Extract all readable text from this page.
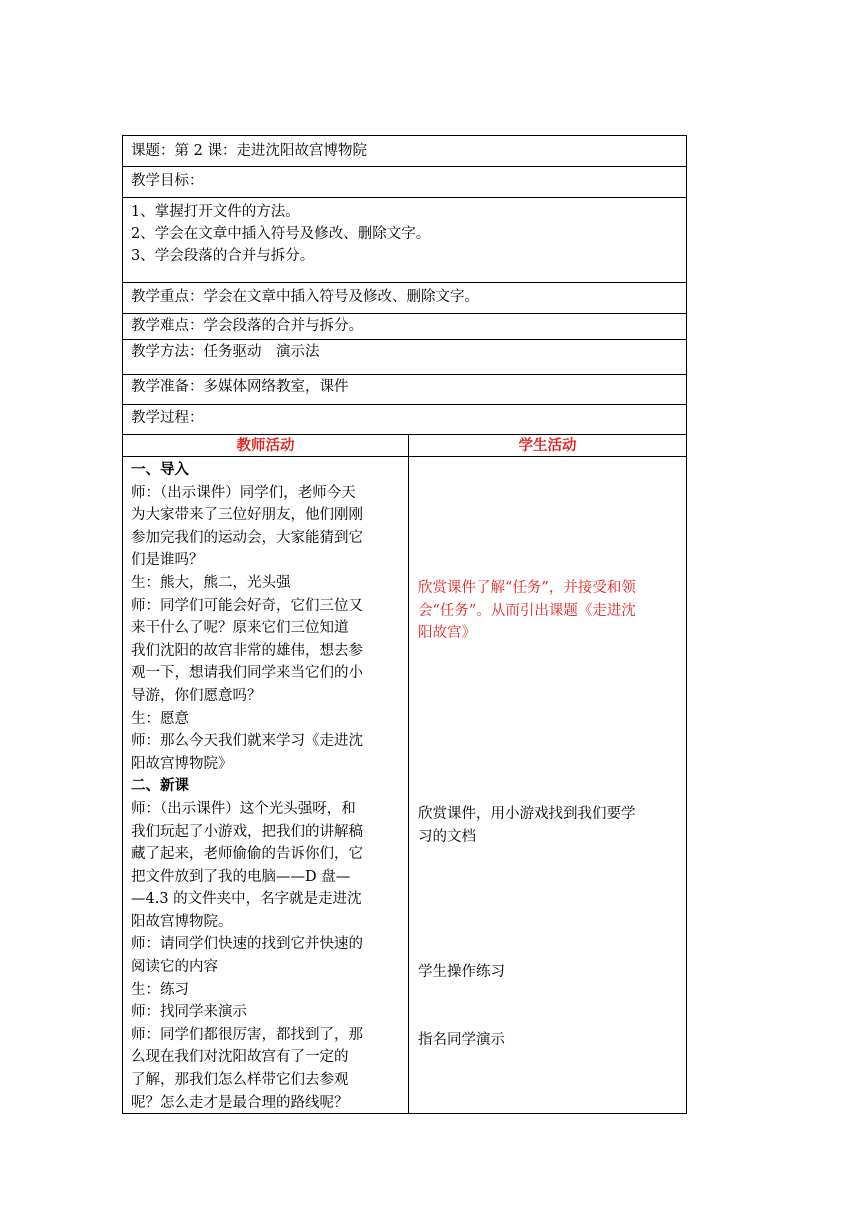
课题：第 2 课：走进沈阳故宫博物院
教学目标：
1、掌握打开文件的方法。
2、学会在文章中插入符号及修改、删除文字。
3、学会段落的合并与拆分。
教学重点：学会在文章中插入符号及修改、删除文字。
教学难点：学会段落的合并与拆分。
教学方法：任务驱动　演示法
教学准备：多媒体网络教室，课件
教学过程：
教师活动	学生活动
一、导入
师：（出示课件）同学们，老师今天
为大家带来了三位好朋友，他们刚刚
参加完我们的运动会，大家能猜到它
们是谁吗？
生：熊大，熊二，光头强
师：同学们可能会好奇，它们三位又
来干什么了呢？原来它们三位知道
我们沈阳的故宫非常的雄伟，想去参
观一下，想请我们同学来当它们的小
导游，你们愿意吗？
生：愿意
师：那么今天我们就来学习《走进沈
阳故宫博物院》
二、新课
师：（出示课件）这个光头强呀，和
我们玩起了小游戏，把我们的讲解稿
藏了起来，老师偷偷的告诉你们，它
把文件放到了我的电脑——D 盘—
—4.3 的文件夹中，名字就是走进沈
阳故宫博物院。
师：请同学们快速的找到它并快速的
阅读它的内容
生：练习
师：找同学来演示
师：同学们都很厉害，都找到了，那
么现在我们对沈阳故宫有了一定的
了解，那我们怎么样带它们去参观
呢？怎么走才是最合理的路线呢？
欣赏课件了解“任务”，并接受和领
会“任务”。从而引出课题《走进沈
阳故宫》
欣赏课件，用小游戏找到我们要学
习的文档
学生操作练习
指名同学演示
